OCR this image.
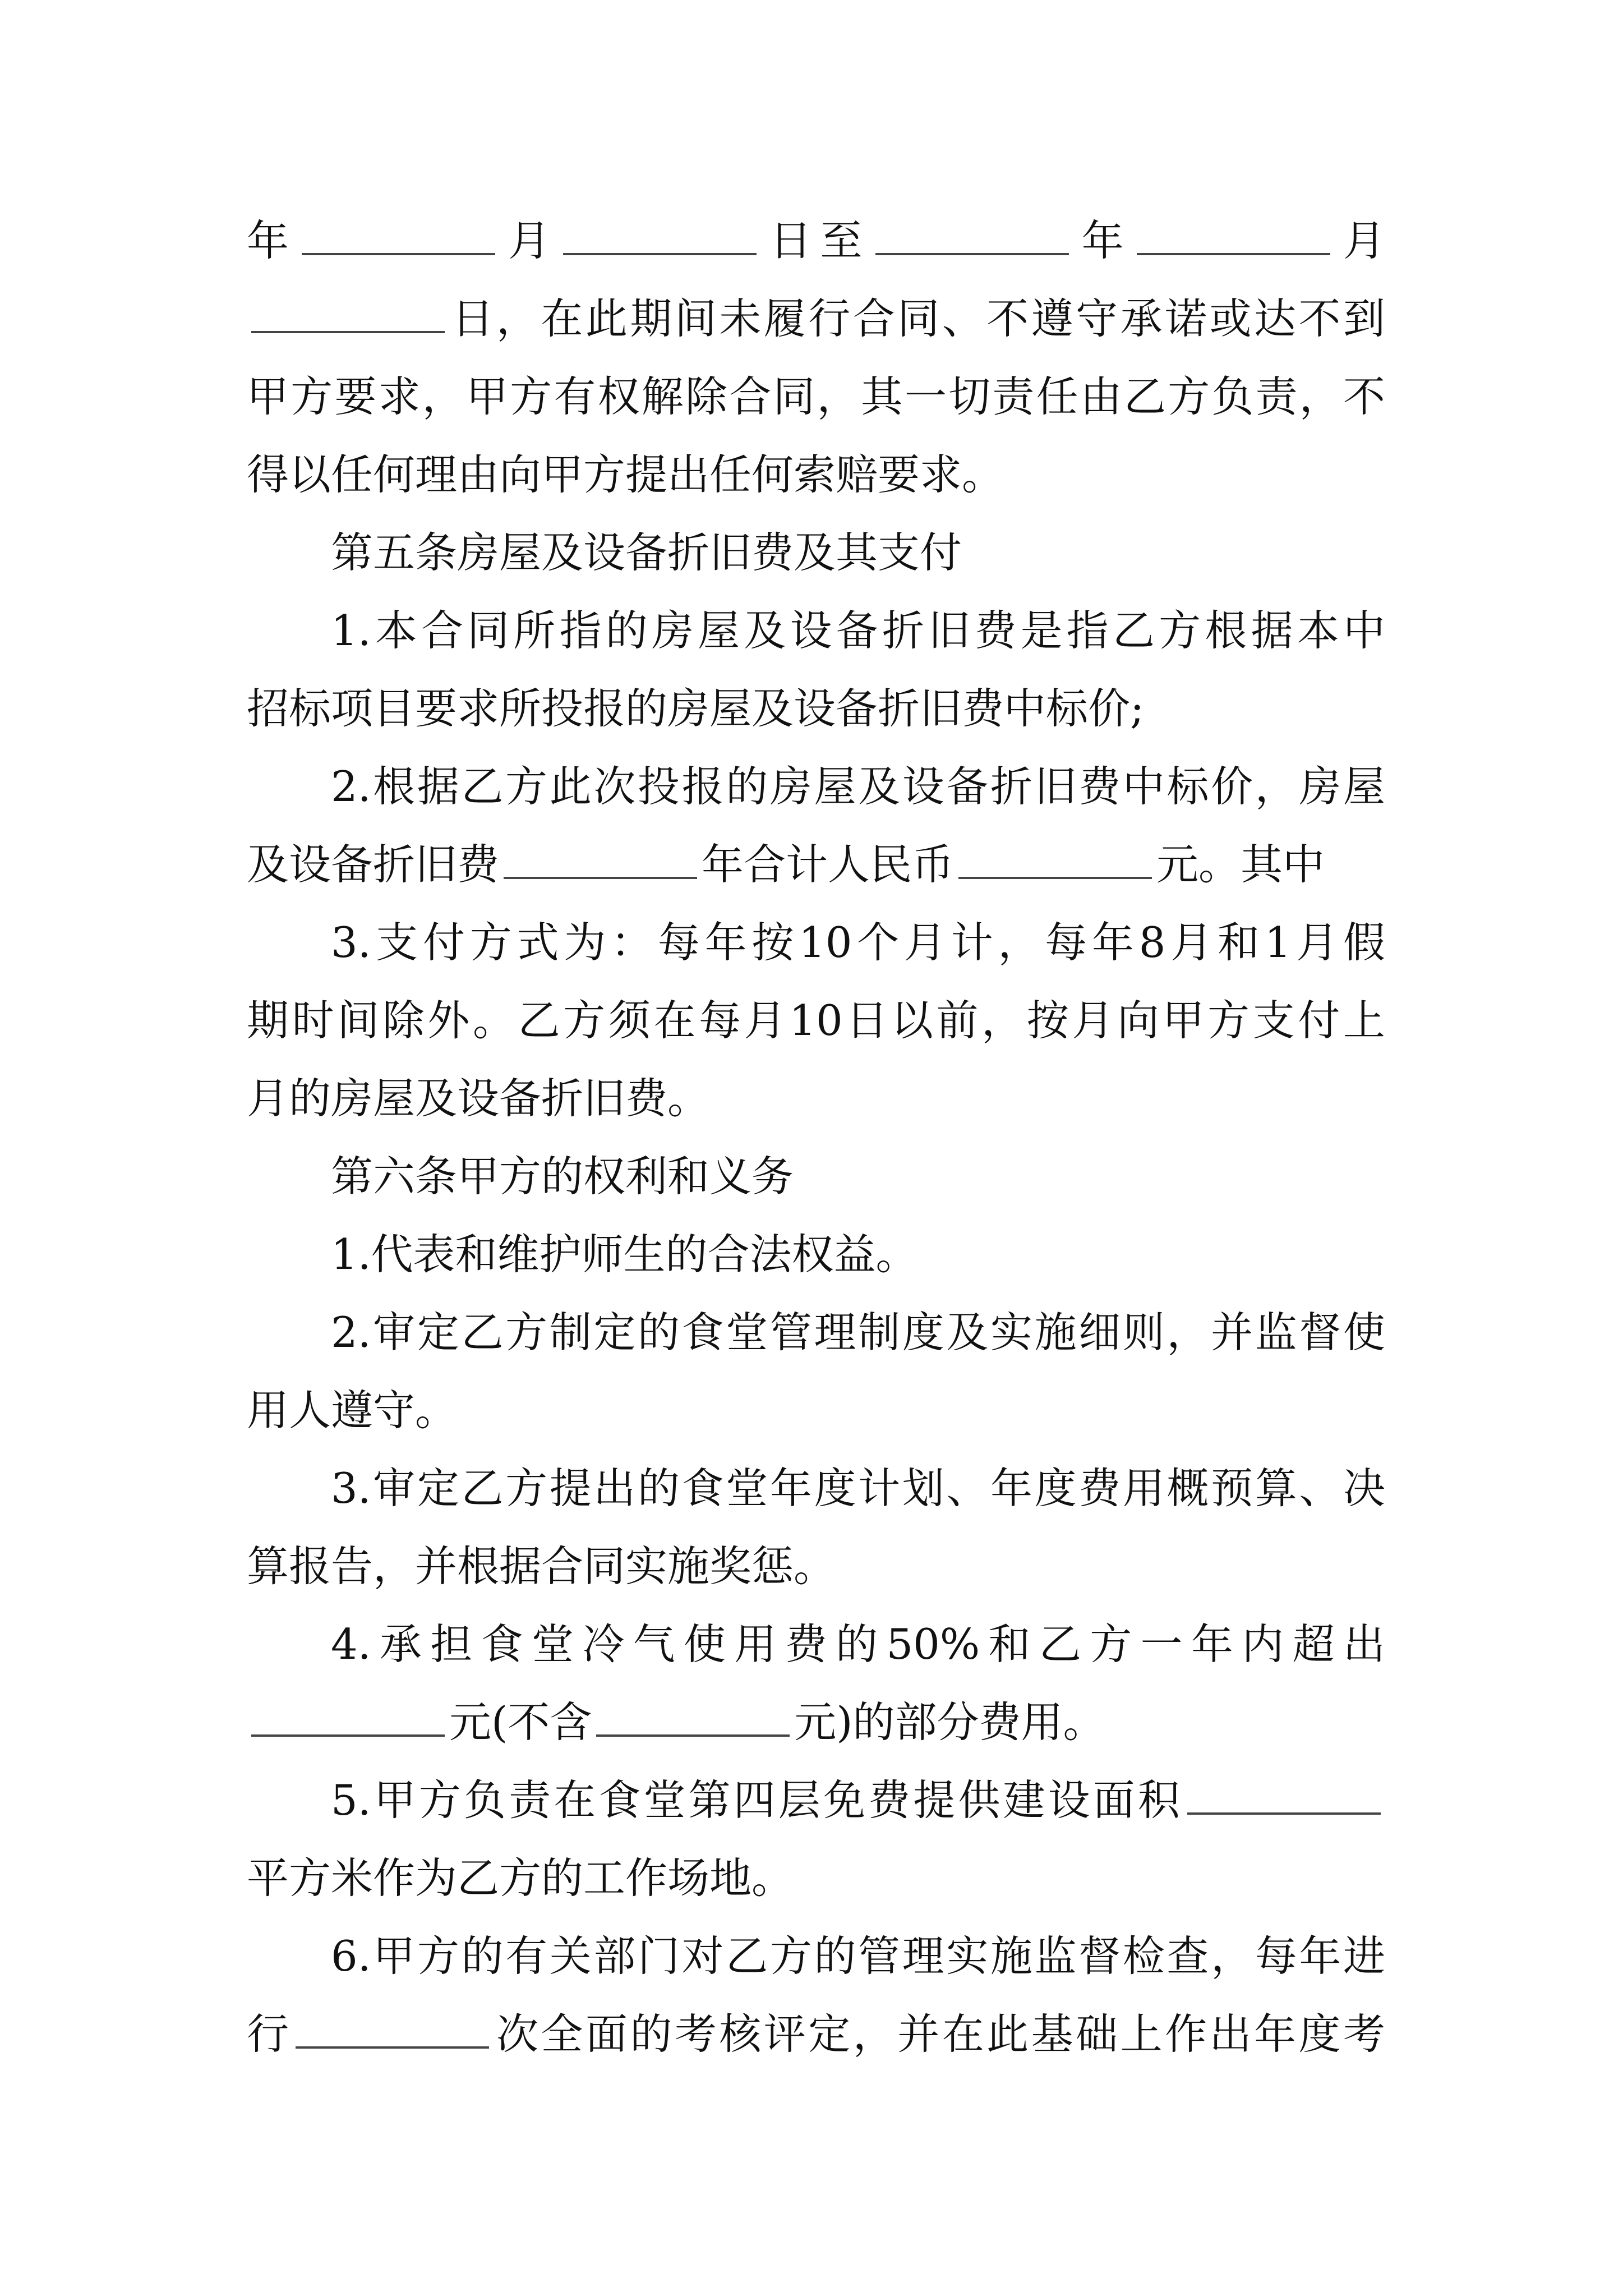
年	月	日至	年	月
日，在此期间未履行合同、不遵守承诺或达不到
甲方要求，甲方有权解除合同，其一切责任由乙方负责，不
得以任何理由向甲方提出任何索赔要求。
第五条房屋及设备折旧费及其支付
1.本合同所指的房屋及设备折旧费是指乙方根据本中
招标项目要求所投报的房屋及设备折旧费中标价;
2.根据乙方此次投报的房屋及设备折旧费中标价，房屋
及设备折旧费	年合计人民币	元。其中
3.支付方式为：每年按10个月计，每年8月和1月假
期时间除外。乙方须在每月10日以前，按月向甲方支付上
月的房屋及设备折旧费。
第六条甲方的权利和义务
1.代表和维护师生的合法权益。
2.审定乙方制定的食堂管理制度及实施细则，并监督使
用人遵守。
3.审定乙方提出的食堂年度计划、年度费用概预算、决
算报告，并根据合同实施奖惩。
4.承担食堂冷气使用费的50%和乙方一年内超出
元(不含	元)的部分费用。
5.甲方负责在食堂第四层免费提供建设面积
平方米作为乙方的工作场地。
6.甲方的有关部门对乙方的管理实施监督检查，每年进
行	次全面的考核评定，并在此基础上作出年度考
